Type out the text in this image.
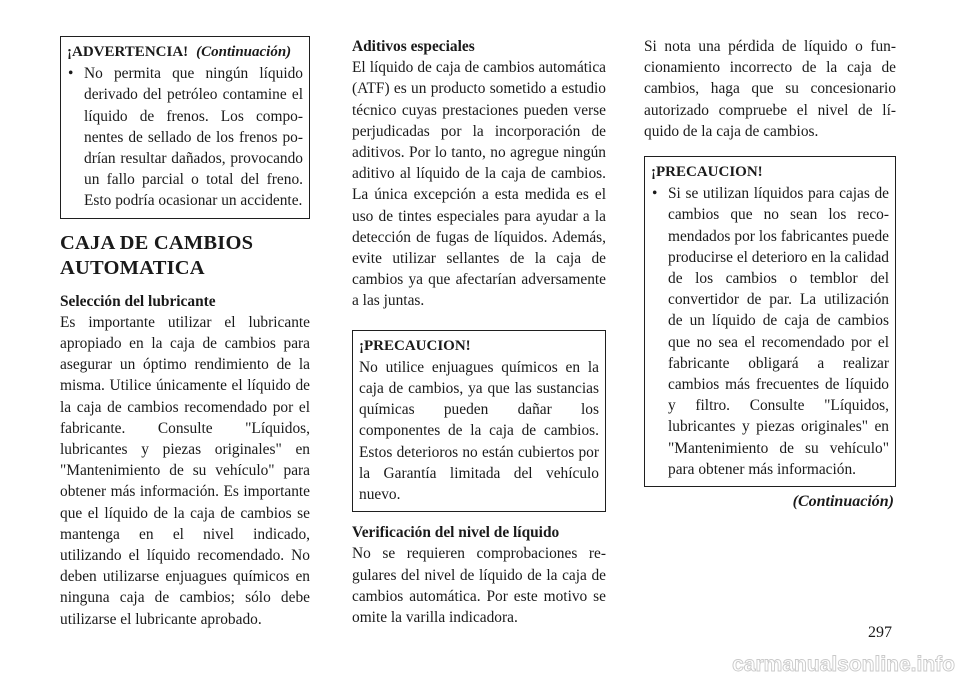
¡ADVERTENCIA! (Continuación)
• No permita que ningún líquido derivado del petróleo contamine el líquido de frenos. Los componentes de sellado de los frenos podrían resultar dañados, provocando un fallo parcial o total del freno. Esto podría ocasionar un accidente.
CAJA DE CAMBIOS
AUTOMATICA
Selección del lubricante

Es importante utilizar el lubricante apropiado en la caja de cambios para asegurar un óptimo rendimiento de la misma. Utilice únicamente el líquido de la caja de cambios recomendado por el fabricante. Consulte "Líquidos, lubricantes y piezas originales" en "Mantenimiento de su vehículo" para obtener más información. Es importante que el líquido de la caja de cambios se mantenga en el nivel indicado, utilizando el líquido recomendado. No deben utilizarse enjuagues químicos en ninguna caja de cambios; sólo debe utilizarse el lubricante aprobado.

Aditivos especiales

El líquido de caja de cambios automática (ATF) es un producto sometido a estudio técnico cuyas prestaciones pueden verse perjudicadas por la incorporación de aditivos. Por lo tanto, no agregue ningún aditivo al líquido de la caja de cambios. La única excepción a esta medida es el uso de tintes especiales para ayudar a la detección de fugas de líquidos. Además, evite utilizar sellantes de la caja de cambios ya que afectarían adversamente a las juntas.

¡PRECAUCION!

No utilice enjuagues químicos en la caja de cambios, ya que las sustancias químicas pueden dañar los componentes de la caja de cambios. Estos deterioros no están cubiertos por la Garantía limitada del vehículo nuevo.

Verificación del nivel de líquido

No se requieren comprobaciones regulares del nivel de líquido de la caja de cambios automática. Por este motivo se omite la varilla indicadora.

Si nota una pérdida de líquido o funcionamiento incorrecto de la caja de cambios, haga que su concesionario autorizado compruebe el nivel de líquido de la caja de cambios.

¡PRECAUCION!
• Si se utilizan líquidos para cajas de cambios que no sean los recomendados por los fabricantes puede producirse el deterioro en la calidad de los cambios o temblor del convertidor de par. La utilización de un líquido de caja de cambios que no sea el recomendado por el fabricante obligará a realizar cambios más frecuentes de líquido y filtro. Consulte "Líquidos, lubricantes y piezas originales" en "Mantenimiento de su vehículo" para obtener más información.
(Continuación)
297
carmanualsonline.info
